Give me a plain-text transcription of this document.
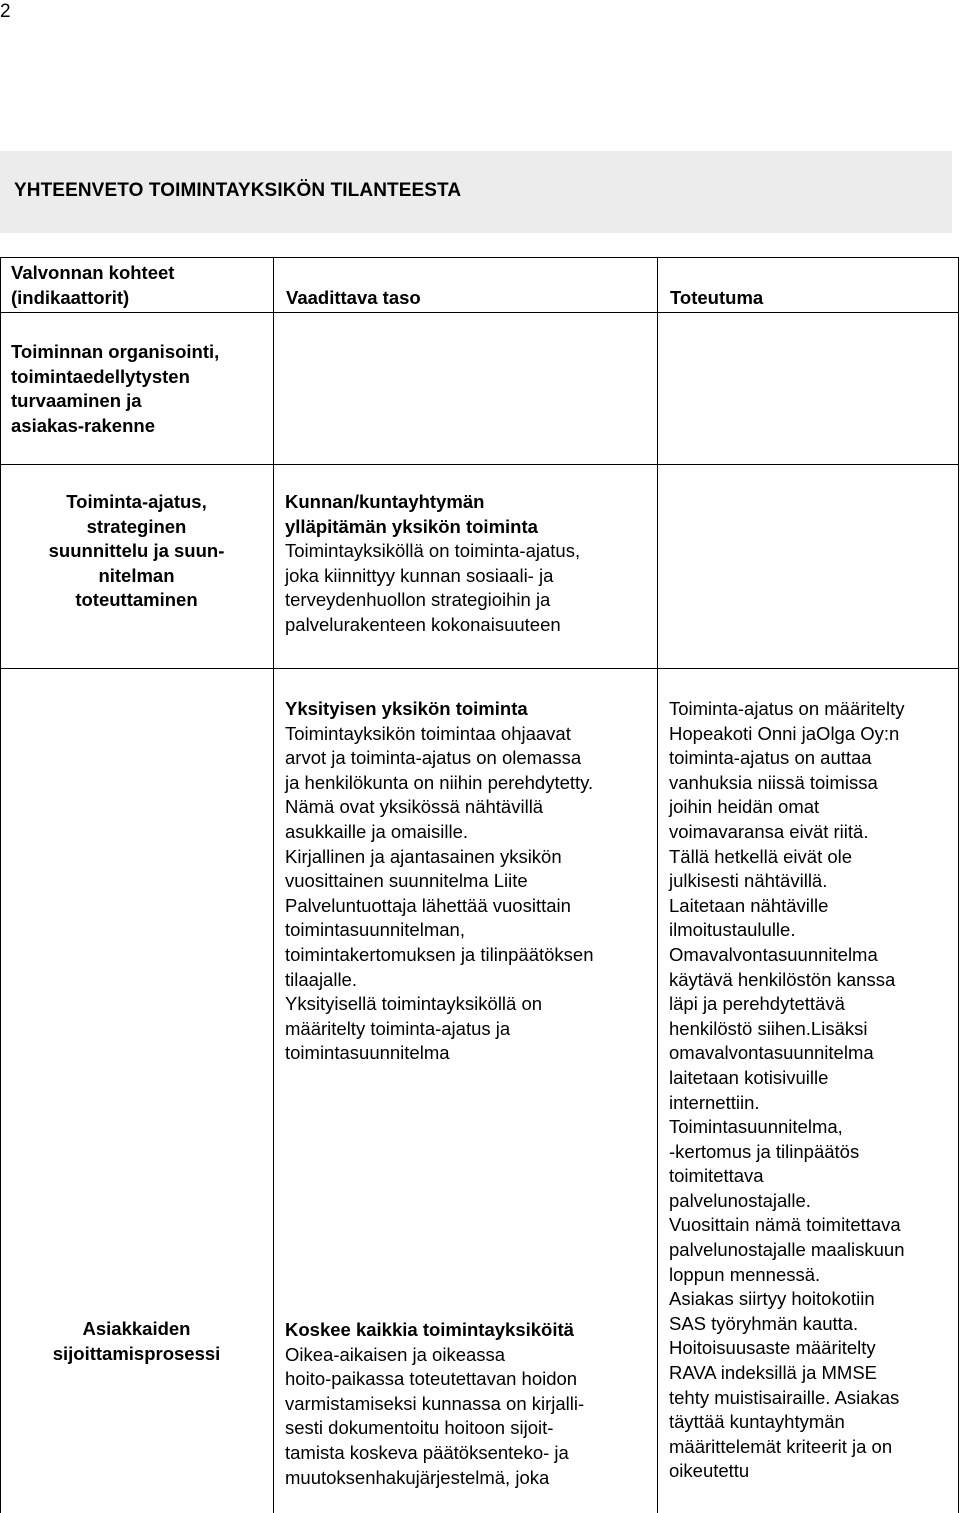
2
YHTEENVETO TOIMINTAYKSIKÖN TILANTEESTA
Valvonnan kohteet
(indikaattorit)	Vaadittava taso	Toteutuma
Toiminnan organisointi,
toimintaedellytysten
turvaaminen ja
asiakas-rakenne
Toiminta-ajatus,
strateginen
suunnittelu ja suun-
nitelman
toteuttaminen
Kunnan/kuntayhtymän
ylläpitämän yksikön toiminta
Toimintayksiköllä on toiminta-ajatus,
joka kiinnittyy kunnan sosiaali- ja
terveydenhuollon strategioihin ja
palvelurakenteen kokonaisuuteen
Yksityisen yksikön toiminta
Toimintayksikön toimintaa ohjaavat
arvot ja toiminta-ajatus on olemassa
ja henkilökunta on niihin perehdytetty.
Nämä ovat yksikössä nähtävillä
asukkaille ja omaisille.
Kirjallinen ja ajantasainen yksikön
vuosittainen suunnitelma Liite
Palveluntuottaja lähettää vuosittain
toimintasuunnitelman,
toimintakertomuksen ja tilinpäätöksen
tilaajalle.
Yksityisellä toimintayksiköllä on
määritelty toiminta-ajatus ja
toimintasuunnitelma
Asiakkaiden
sijoittamisprosessi
Koskee kaikkia toimintayksiköitä
Oikea-aikaisen ja oikeassa
hoito-paikassa toteutettavan hoidon
varmistamiseksi kunnassa on kirjalli-
sesti dokumentoitu hoitoon sijoit-
tamista koskeva päätöksenteko- ja
muutoksenhakujärjestelmä, joka
Toiminta-ajatus on määritelty
Hopeakoti Onni jaOlga Oy:n
toiminta-ajatus on auttaa
vanhuksia niissä toimissa
joihin heidän omat
voimavaransa eivät riitä.
Tällä hetkellä eivät ole
julkisesti nähtävillä.
Laitetaan nähtäville
ilmoitustaululle.
Omavalvontasuunnitelma
käytävä henkilöstön kanssa
läpi ja perehdytettävä
henkilöstö siihen.Lisäksi
omavalvontasuunnitelma
laitetaan kotisivuille
internettiin.
Toimintasuunnitelma,
-kertomus ja tilinpäätös
toimitettava
palvelunostajalle.
Vuosittain nämä toimitettava
palvelunostajalle maaliskuun
loppun mennessä.
Asiakas siirtyy hoitokotiin
SAS työryhmän kautta.
Hoitoisuusaste määritelty
RAVA indeksillä ja MMSE
tehty muistisairaille. Asiakas
täyttää kuntayhtymän
määrittelemät kriteerit ja on
oikeutettu
